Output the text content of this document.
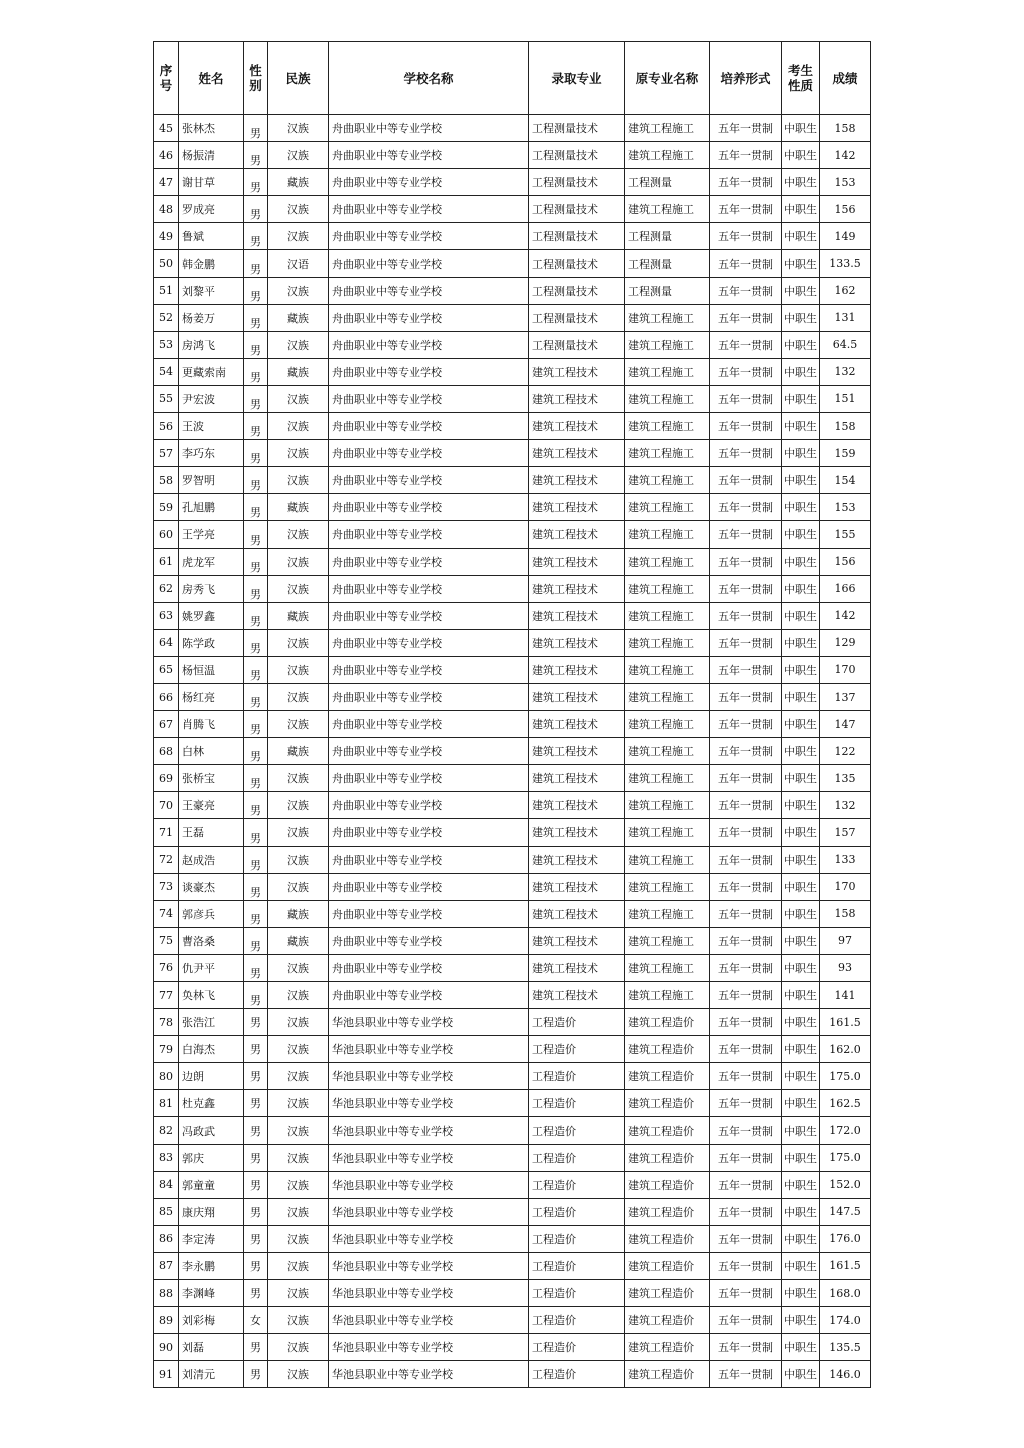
序号	姓名	性别	民族	学校名称	录取专业	原专业名称	培养形式	考生性质	成绩
45	张林杰	男	汉族	舟曲职业中等专业学校	工程测量技术	建筑工程施工	五年一贯制	中职生	158
46	杨振清	男	汉族	舟曲职业中等专业学校	工程测量技术	建筑工程施工	五年一贯制	中职生	142
47	谢甘草	男	藏族	舟曲职业中等专业学校	工程测量技术	工程测量	五年一贯制	中职生	153
48	罗成亮	男	汉族	舟曲职业中等专业学校	工程测量技术	建筑工程施工	五年一贯制	中职生	156
49	鲁斌	男	汉族	舟曲职业中等专业学校	工程测量技术	工程测量	五年一贯制	中职生	149
50	韩金鹏	男	汉语	舟曲职业中等专业学校	工程测量技术	工程测量	五年一贯制	中职生	133.5
51	刘黎平	男	汉族	舟曲职业中等专业学校	工程测量技术	工程测量	五年一贯制	中职生	162
52	杨姜万	男	藏族	舟曲职业中等专业学校	工程测量技术	建筑工程施工	五年一贯制	中职生	131
53	房鸿飞	男	汉族	舟曲职业中等专业学校	工程测量技术	建筑工程施工	五年一贯制	中职生	64.5
54	更藏索南	男	藏族	舟曲职业中等专业学校	建筑工程技术	建筑工程施工	五年一贯制	中职生	132
55	尹宏波	男	汉族	舟曲职业中等专业学校	建筑工程技术	建筑工程施工	五年一贯制	中职生	151
56	王波	男	汉族	舟曲职业中等专业学校	建筑工程技术	建筑工程施工	五年一贯制	中职生	158
57	李巧东	男	汉族	舟曲职业中等专业学校	建筑工程技术	建筑工程施工	五年一贯制	中职生	159
58	罗智明	男	汉族	舟曲职业中等专业学校	建筑工程技术	建筑工程施工	五年一贯制	中职生	154
59	孔旭鹏	男	藏族	舟曲职业中等专业学校	建筑工程技术	建筑工程施工	五年一贯制	中职生	153
60	王学亮	男	汉族	舟曲职业中等专业学校	建筑工程技术	建筑工程施工	五年一贯制	中职生	155
61	虎龙军	男	汉族	舟曲职业中等专业学校	建筑工程技术	建筑工程施工	五年一贯制	中职生	156
62	房秀飞	男	汉族	舟曲职业中等专业学校	建筑工程技术	建筑工程施工	五年一贯制	中职生	166
63	姚罗鑫	男	藏族	舟曲职业中等专业学校	建筑工程技术	建筑工程施工	五年一贯制	中职生	142
64	陈学政	男	汉族	舟曲职业中等专业学校	建筑工程技术	建筑工程施工	五年一贯制	中职生	129
65	杨恒温	男	汉族	舟曲职业中等专业学校	建筑工程技术	建筑工程施工	五年一贯制	中职生	170
66	杨红亮	男	汉族	舟曲职业中等专业学校	建筑工程技术	建筑工程施工	五年一贯制	中职生	137
67	肖腾飞	男	汉族	舟曲职业中等专业学校	建筑工程技术	建筑工程施工	五年一贯制	中职生	147
68	白林	男	藏族	舟曲职业中等专业学校	建筑工程技术	建筑工程施工	五年一贯制	中职生	122
69	张桥宝	男	汉族	舟曲职业中等专业学校	建筑工程技术	建筑工程施工	五年一贯制	中职生	135
70	王豪亮	男	汉族	舟曲职业中等专业学校	建筑工程技术	建筑工程施工	五年一贯制	中职生	132
71	王磊	男	汉族	舟曲职业中等专业学校	建筑工程技术	建筑工程施工	五年一贯制	中职生	157
72	赵成浩	男	汉族	舟曲职业中等专业学校	建筑工程技术	建筑工程施工	五年一贯制	中职生	133
73	谈豪杰	男	汉族	舟曲职业中等专业学校	建筑工程技术	建筑工程施工	五年一贯制	中职生	170
74	郭彦兵	男	藏族	舟曲职业中等专业学校	建筑工程技术	建筑工程施工	五年一贯制	中职生	158
75	曹洛桑	男	藏族	舟曲职业中等专业学校	建筑工程技术	建筑工程施工	五年一贯制	中职生	97
76	仇尹平	男	汉族	舟曲职业中等专业学校	建筑工程技术	建筑工程施工	五年一贯制	中职生	93
77	奂林飞	男	汉族	舟曲职业中等专业学校	建筑工程技术	建筑工程施工	五年一贯制	中职生	141
78	张浩江	男	汉族	华池县职业中等专业学校	工程造价	建筑工程造价	五年一贯制	中职生	161.5
79	白海杰	男	汉族	华池县职业中等专业学校	工程造价	建筑工程造价	五年一贯制	中职生	162.0
80	边朗	男	汉族	华池县职业中等专业学校	工程造价	建筑工程造价	五年一贯制	中职生	175.0
81	杜克鑫	男	汉族	华池县职业中等专业学校	工程造价	建筑工程造价	五年一贯制	中职生	162.5
82	冯政武	男	汉族	华池县职业中等专业学校	工程造价	建筑工程造价	五年一贯制	中职生	172.0
83	郭庆	男	汉族	华池县职业中等专业学校	工程造价	建筑工程造价	五年一贯制	中职生	175.0
84	郭童童	男	汉族	华池县职业中等专业学校	工程造价	建筑工程造价	五年一贯制	中职生	152.0
85	康庆翔	男	汉族	华池县职业中等专业学校	工程造价	建筑工程造价	五年一贯制	中职生	147.5
86	李定涛	男	汉族	华池县职业中等专业学校	工程造价	建筑工程造价	五年一贯制	中职生	176.0
87	李永鹏	男	汉族	华池县职业中等专业学校	工程造价	建筑工程造价	五年一贯制	中职生	161.5
88	李渊峰	男	汉族	华池县职业中等专业学校	工程造价	建筑工程造价	五年一贯制	中职生	168.0
89	刘彩梅	女	汉族	华池县职业中等专业学校	工程造价	建筑工程造价	五年一贯制	中职生	174.0
90	刘磊	男	汉族	华池县职业中等专业学校	工程造价	建筑工程造价	五年一贯制	中职生	135.5
91	刘清元	男	汉族	华池县职业中等专业学校	工程造价	建筑工程造价	五年一贯制	中职生	146.0
